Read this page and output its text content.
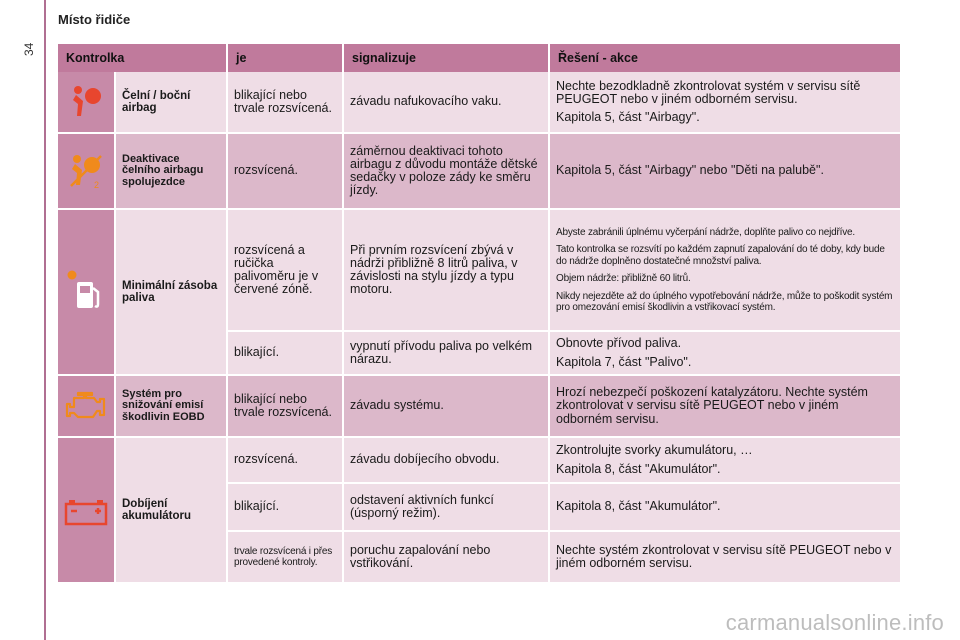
34
Místo řidiče
Kontrolka		je	signalizuje	Řešení - akce

	Čelní / boční airbag	blikající nebo trvale rozsvícená.	závadu nafukovacího vaku.	Nechte bezodkladně zkontrolovat systém v servisu sítě PEUGEOT nebo v jiném odborném servisu.

Kapitola 5, část "Airbagy".

2	Deaktivace čelního airbagu spolujezdce	rozsvícená.	záměrnou deaktivaci tohoto airbagu z důvodu montáže dětské sedačky v poloze zády ke směru jízdy.	Kapitola 5, část "Airbagy" nebo "Děti na palubě".

	Minimální zásoba paliva	rozsvícená a ručička palivoměru je v červené zóně.	Při prvním rozsvícení zbývá v nádrži přibližně 8 litrů paliva, v závislosti na stylu jízdy a typu motoru.	Abyste zabránili úplnému vyčerpání nádrže, doplňte palivo co nejdříve.

Tato kontrolka se rozsvítí po každém zapnutí zapalování do té doby, kdy bude do nádrže doplněno dostatečné množství paliva.

Objem nádrže: přibližně 60 litrů.

Nikdy nejezděte až do úplného vypotřebování nádrže, může to poškodit systém pro omezování emisí škodlivin a vstřikovací systém.

		blikající.	vypnutí přívodu paliva po velkém nárazu.	Obnovte přívod paliva.

Kapitola 7, část "Palivo".

	Systém pro snižování emisí škodlivin EOBD	blikající nebo trvale rozsvícená.	závadu systému.	Hrozí nebezpečí poškození katalyzátoru. Nechte systém zkontrolovat v servisu sítě PEUGEOT nebo v jiném odborném servisu.

	Dobíjení akumulátoru	rozsvícená.	závadu dobíjecího obvodu.	Zkontrolujte svorky akumulátoru, …

Kapitola 8, část "Akumulátor".

		blikající.	odstavení aktivních funkcí (úsporný režim).	Kapitola 8, část "Akumulátor".
		trvale rozsvícená i přes provedené kontroly.	poruchu zapalování nebo vstřikování.	Nechte systém zkontrolovat v servisu sítě PEUGEOT nebo v jiném odborném servisu.
carmanualsonline.info
